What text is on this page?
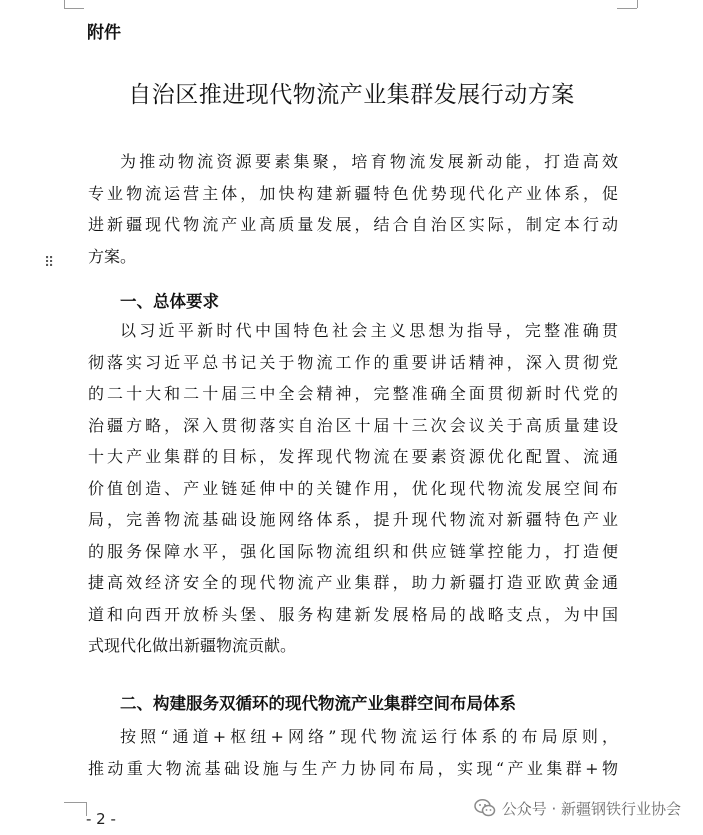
⠿
附件
自治区推进现代物流产业集群发展行动方案
为推动物流资源要素集聚，培育物流发展新动能，打造高效
专业物流运营主体，加快构建新疆特色优势现代化产业体系，促
进新疆现代物流产业高质量发展，结合自治区实际，制定本行动
方案。
一、总体要求
以习近平新时代中国特色社会主义思想为指导，完整准确贯
彻落实习近平总书记关于物流工作的重要讲话精神，深入贯彻党
的二十大和二十届三中全会精神，完整准确全面贯彻新时代党的
治疆方略，深入贯彻落实自治区十届十三次会议关于高质量建设
十大产业集群的目标，发挥现代物流在要素资源优化配置、流通
价值创造、产业链延伸中的关键作用，优化现代物流发展空间布
局，完善物流基础设施网络体系，提升现代物流对新疆特色产业
的服务保障水平，强化国际物流组织和供应链掌控能力，打造便
捷高效经济安全的现代物流产业集群，助力新疆打造亚欧黄金通
道和向西开放桥头堡、服务构建新发展格局的战略支点，为中国
式现代化做出新疆物流贡献。
二、构建服务双循环的现代物流产业集群空间布局体系
按照“通道+枢纽+网络”现代物流运行体系的布局原则，
推动重大物流基础设施与生产力协同布局，实现“产业集群+物
- 2 -
公众号 · 新疆钢铁行业协会
